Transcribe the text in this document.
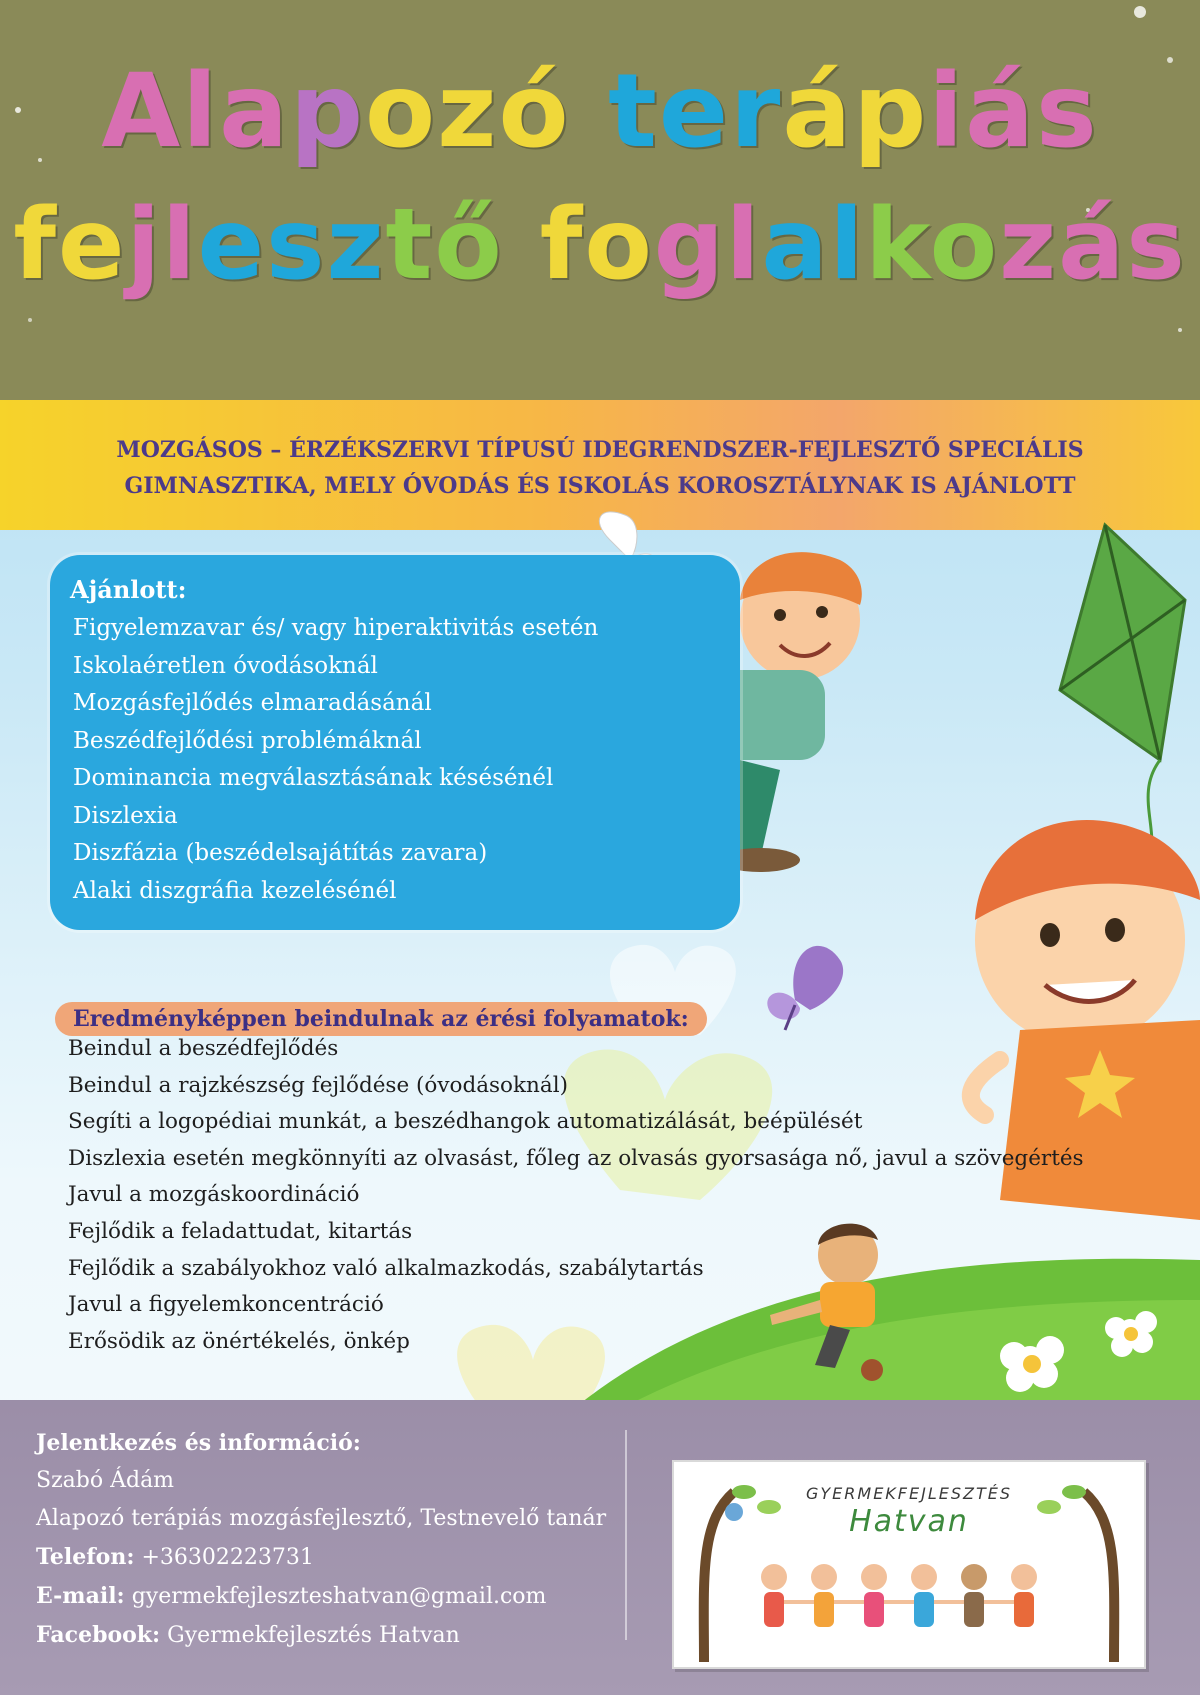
Alapozó terápiás
fejlesztő foglalkozás
MOZGÁSOS – ÉRZÉKSZERVI TÍPUSÚ IDEGRENDSZER-FEJLESZTŐ SPECIÁLIS
GIMNASZTIKA, MELY ÓVODÁS ÉS ISKOLÁS KOROSZTÁLYNAK IS AJÁNLOTT
Ajánlott:
Figyelemzavar és/ vagy hiperaktivitás esetén
Iskolaéretlen óvodásoknál
Mozgásfejlődés elmaradásánál
Beszédfejlődési problémáknál
Dominancia megválasztásának késésénél
Diszlexia
Diszfázia (beszédelsajátítás zavara)
Alaki diszgráfia kezelésénél
Eredményképpen beindulnak az érési folyamatok:
Beindul a beszédfejlődés
Beindul a rajzkészség fejlődése (óvodásoknál)
Segíti a logopédiai munkát, a beszédhangok automatizálását, beépülését
Diszlexia esetén megkönnyíti az olvasást, főleg az olvasás gyorsasága nő, javul a szövegértés
Javul a mozgáskoordináció
Fejlődik a feladattudat, kitartás
Fejlődik a szabályokhoz való alkalmazkodás, szabálytartás
Javul a figyelemkoncentráció
Erősödik az önértékelés, önkép
Jelentkezés és információ:
Szabó Ádám
Alapozó terápiás mozgásfejlesztő, Testnevelő tanár
Telefon: +36302223731
E-mail: gyermekfejleszteshatvan@gmail.com
Facebook: Gyermekfejlesztés Hatvan
GYERMEKFEJLESZTÉS
Hatvan
